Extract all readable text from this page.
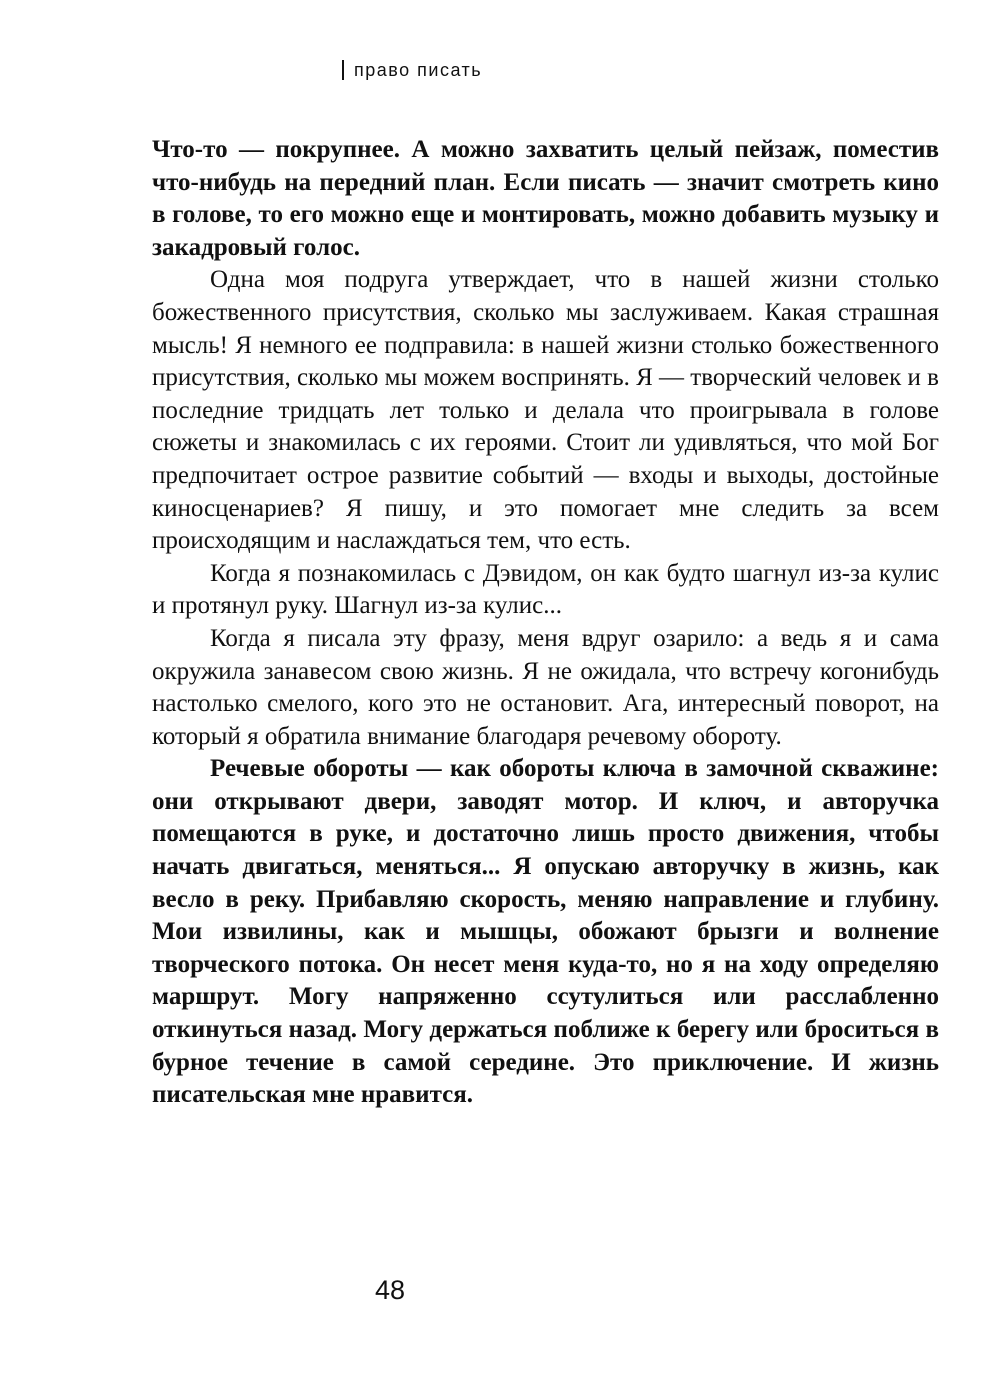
право писать

Что-то — покрупнее. А можно захватить целый пейзаж, поместив что-нибудь на передний план. Если писать — значит смотреть кино в голове, то его можно еще и монтировать, можно добавить музыку и закадровый голос.

Одна моя подруга утверждает, что в нашей жизни столько божественного присутствия, сколько мы заслуживаем. Какая страшная мысль! Я немного ее подправила: в нашей жизни столько божественного присутствия, сколько мы можем воспринять. Я — творческий человек и в последние тридцать лет только и делала что проигрывала в голове сюжеты и знакомилась с их героями. Стоит ли удивляться, что мой Бог предпочитает острое развитие событий — входы и выходы, достойные киносценариев? Я пишу, и это помогает мне следить за всем происходящим и наслаждаться тем, что есть.

Когда я познакомилась с Дэвидом, он как будто шагнул из-за кулис и протянул руку. Шагнул из-за кулис...

Когда я писала эту фразу, меня вдруг озарило: а ведь я и сама окружила занавесом свою жизнь. Я не ожидала, что встречу когонибудь настолько смелого, кого это не остановит. Ага, интересный поворот, на который я обратила внимание благодаря речевому обороту.

Речевые обороты — как обороты ключа в замочной скважине: они открывают двери, заводят мотор. И ключ, и авторучка помещаются в руке, и достаточно лишь просто движения, чтобы начать двигаться, меняться... Я опускаю авторучку в жизнь, как весло в реку. Прибавляю скорость, меняю направление и глубину. Мои извилины, как и мышцы, обожают брызги и волнение творческого потока. Он несет меня куда-то, но я на ходу определяю маршрут. Могу напряженно ссутулиться или расслабленно откинуться назад. Могу держаться поближе к берегу или броситься в бурное течение в самой середине. Это приключение. И жизнь писательская мне нравится.

48
